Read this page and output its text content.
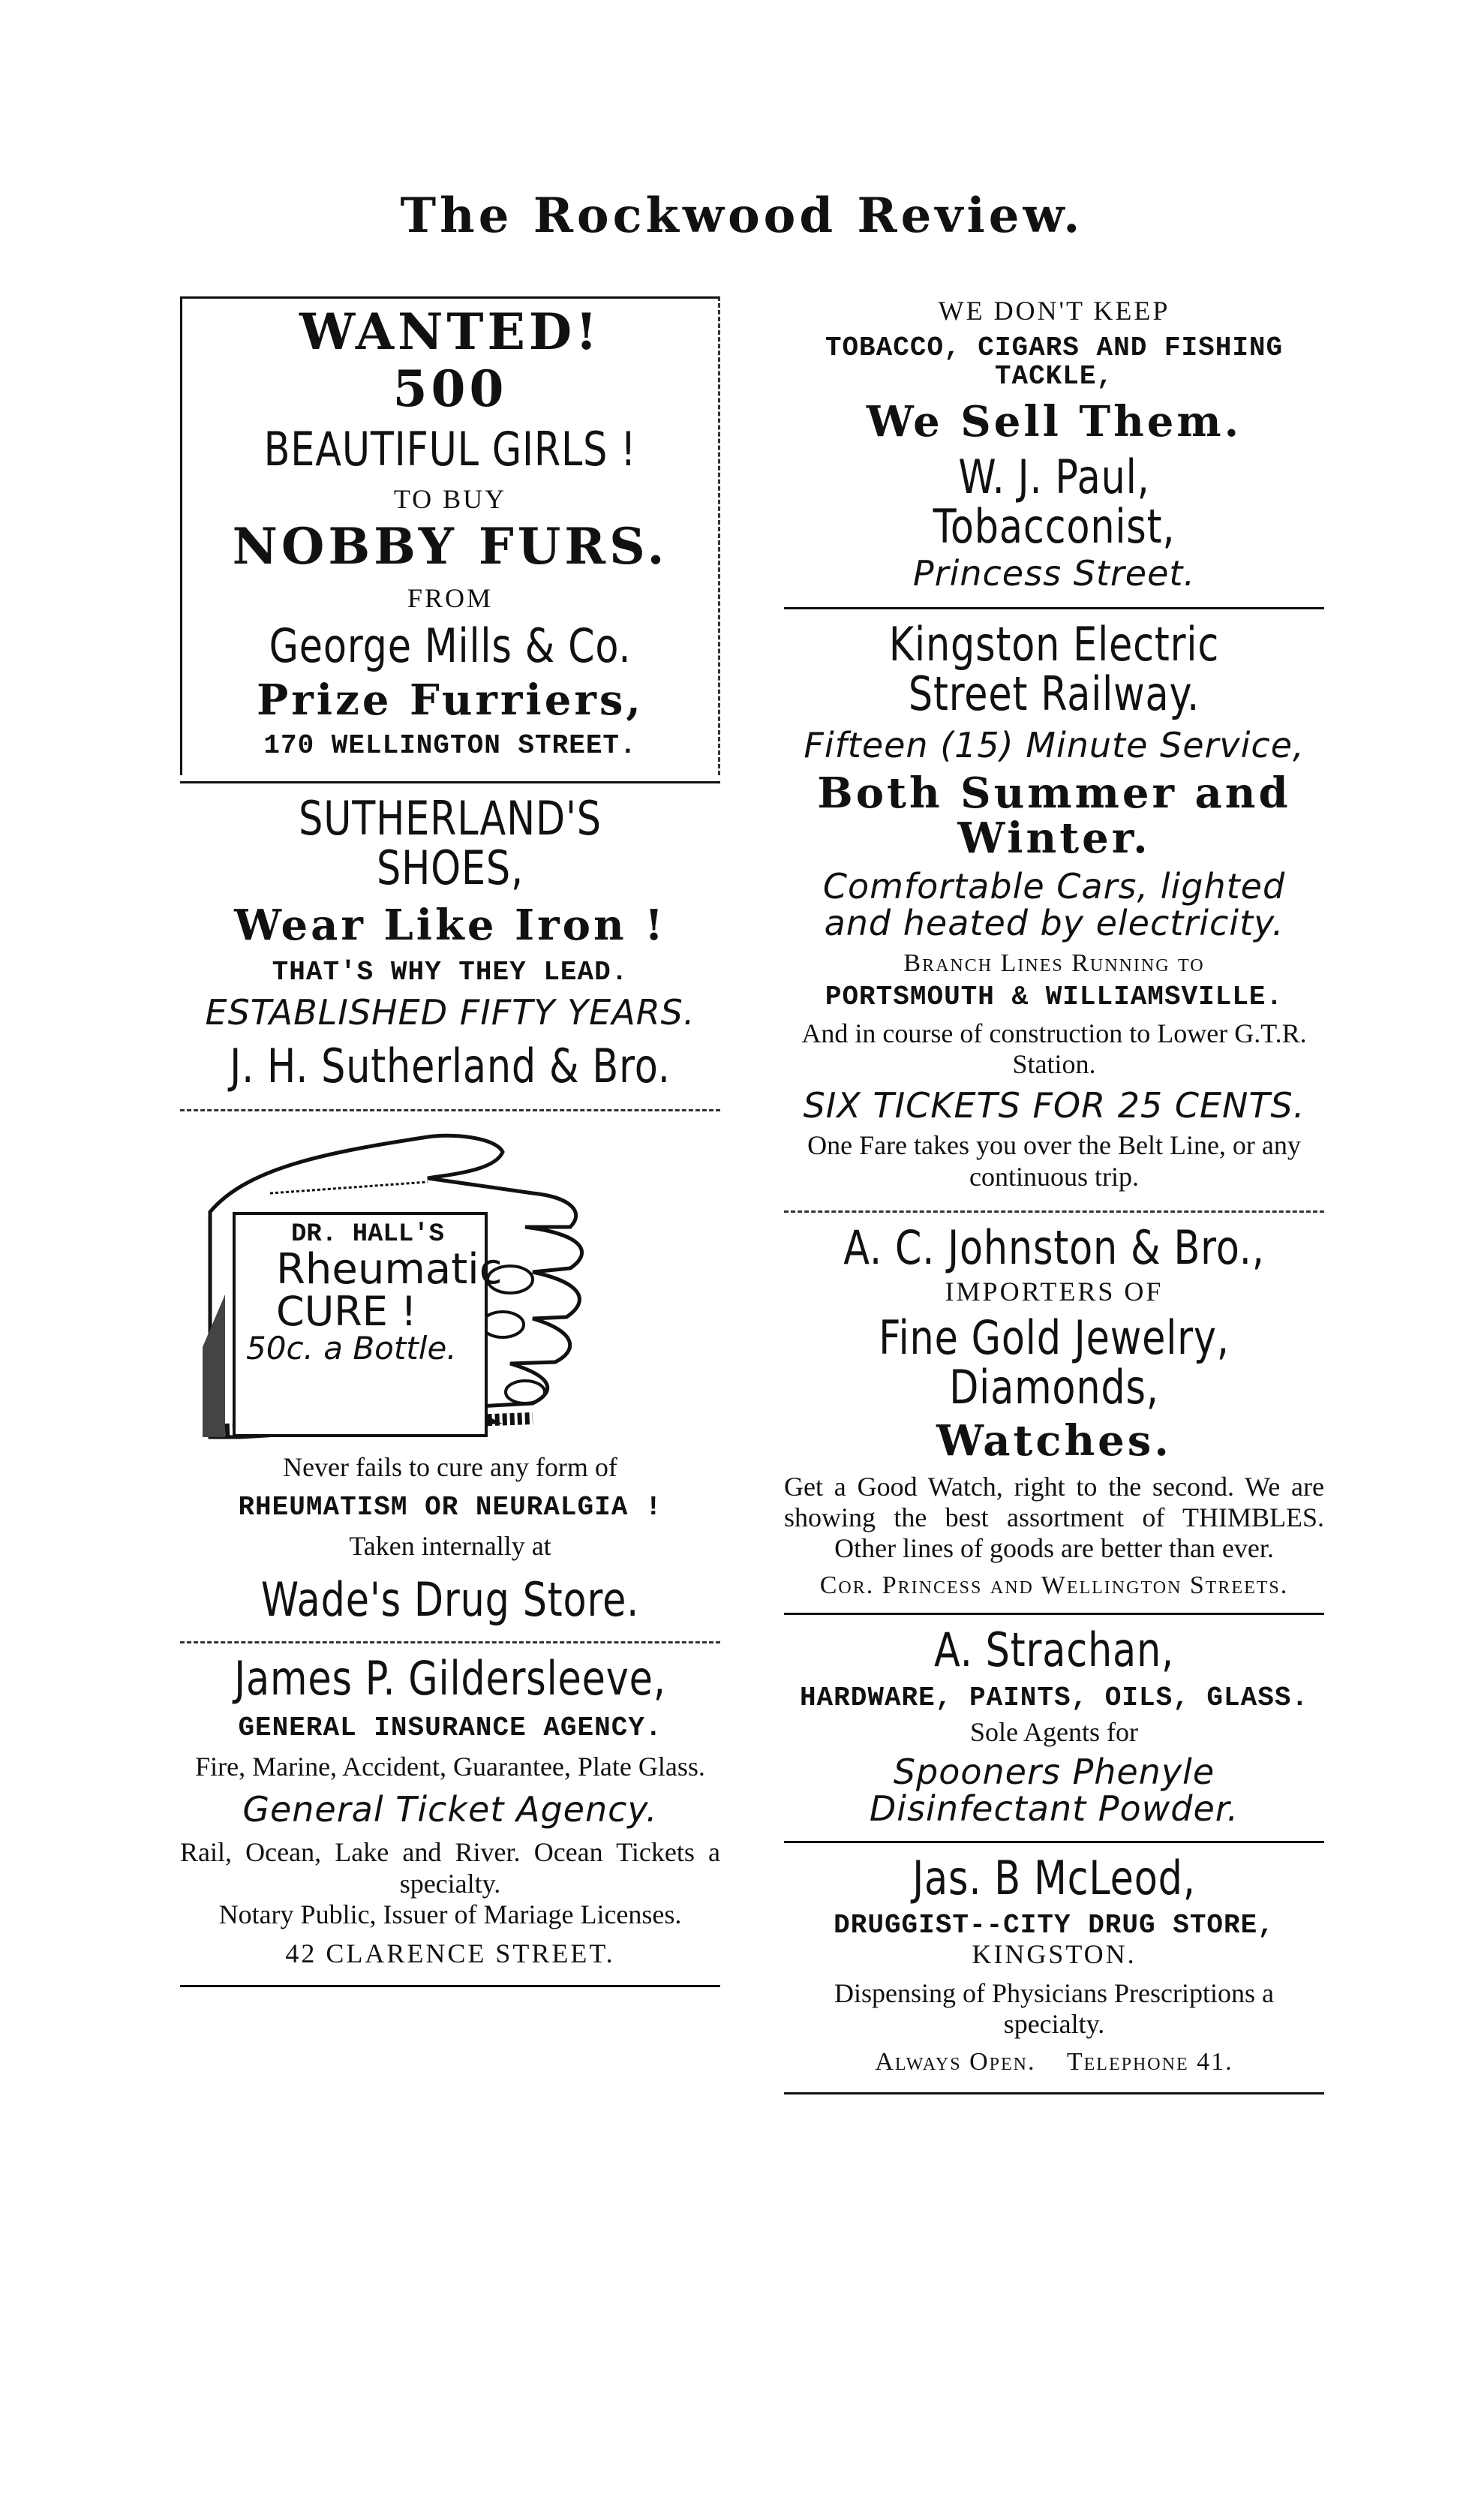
The Rockwood Review.
WANTED!
500
BEAUTIFUL GIRLS !
TO BUY
NOBBY FURS.
FROM
George Mills & Co.
Prize Furriers,
170 WELLINGTON STREET.
SUTHERLAND'S SHOES,
Wear Like Iron !
THAT'S WHY THEY LEAD.
ESTABLISHED FIFTY YEARS.
J. H. Sutherland & Bro.
DR. HALL'S
Rheumatic
CURE !
50c. a Bottle.
Never fails to cure any form of
RHEUMATISM OR NEURALGIA !
Taken internally at
Wade's Drug Store.
James P. Gildersleeve,
GENERAL INSURANCE AGENCY.
Fire, Marine, Accident, Guarantee, Plate Glass.
General Ticket Agency.
Rail, Ocean, Lake and River. Ocean Tickets a specialty.
Notary Public, Issuer of Mariage Licenses.
42 CLARENCE STREET.
WE DON'T KEEP
TOBACCO, CIGARS AND FISHING TACKLE,
We Sell Them.
W. J. Paul, Tobacconist,
Princess Street.
Kingston Electric Street Railway.
Fifteen (15) Minute Service,
Both Summer and Winter.
Comfortable Cars, lighted and heated by electricity.
Branch Lines Running to
PORTSMOUTH & WILLIAMSVILLE.
And in course of construction to Lower G.T.R. Station.
SIX TICKETS FOR 25 CENTS.
One Fare takes you over the Belt Line, or any continuous trip.
A. C. Johnston & Bro.,
IMPORTERS OF
Fine Gold Jewelry, Diamonds,
Watches.
Get a Good Watch, right to the second. We are showing the best assortment of THIMBLES. Other lines of goods are better than ever.
Cor. Princess and Wellington Streets.
A. Strachan,
HARDWARE, PAINTS, OILS, GLASS.
Sole Agents for
Spooners Phenyle Disinfectant Powder.
Jas. B McLeod,
DRUGGIST--CITY DRUG STORE,
KINGSTON.
Dispensing of Physicians Prescriptions a specialty.
Always Open.    Telephone 41.
